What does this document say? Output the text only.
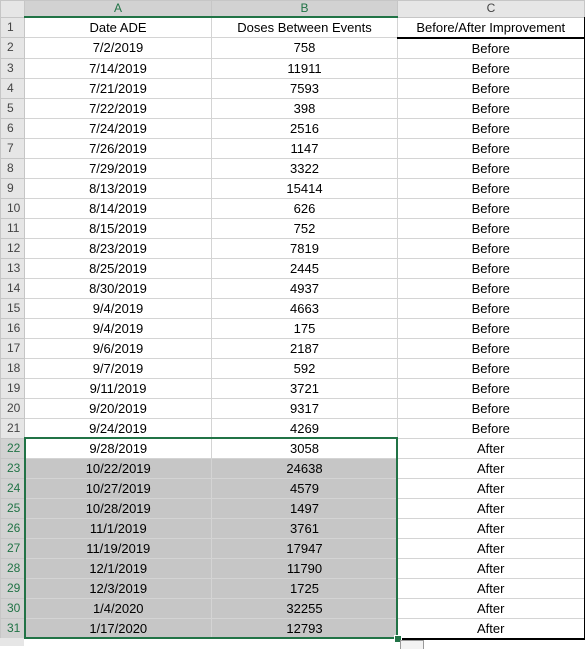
	A	B	C
1	Date ADE	Doses Between Events	Before/After Improvement
2	7/2/2019	758	Before
3	7/14/2019	11911	Before
4	7/21/2019	7593	Before
5	7/22/2019	398	Before
6	7/24/2019	2516	Before
7	7/26/2019	1147	Before
8	7/29/2019	3322	Before
9	8/13/2019	15414	Before
10	8/14/2019	626	Before
11	8/15/2019	752	Before
12	8/23/2019	7819	Before
13	8/25/2019	2445	Before
14	8/30/2019	4937	Before
15	9/4/2019	4663	Before
16	9/4/2019	175	Before
17	9/6/2019	2187	Before
18	9/7/2019	592	Before
19	9/11/2019	3721	Before
20	9/20/2019	9317	Before
21	9/24/2019	4269	Before
22	9/28/2019	3058	After
23	10/22/2019	24638	After
24	10/27/2019	4579	After
25	10/28/2019	1497	After
26	11/1/2019	3761	After
27	11/19/2019	17947	After
28	12/1/2019	11790	After
29	12/3/2019	1725	After
30	1/4/2020	32255	After
31	1/17/2020	12793	After
